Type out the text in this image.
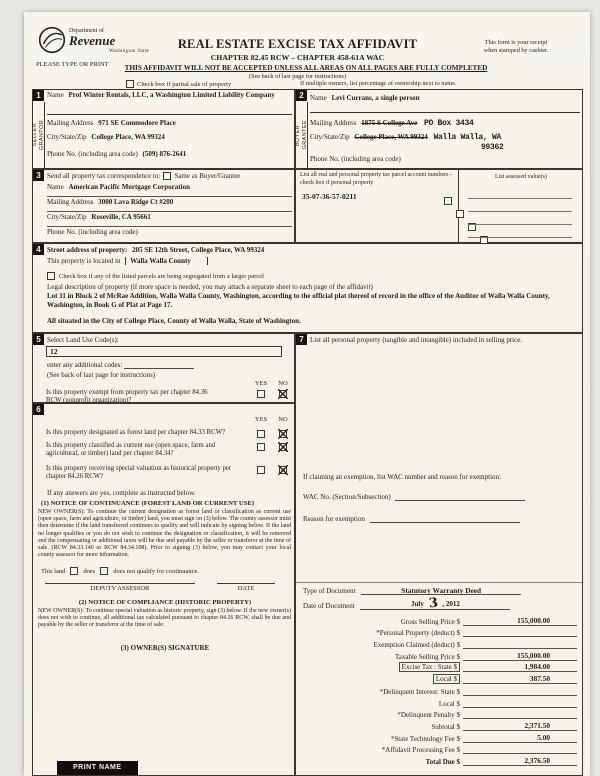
Department of
Revenue
Washington State
PLEASE TYPE OR PRINT
REAL ESTATE EXCISE TAX AFFIDAVIT
CHAPTER 82.45 RCW – CHAPTER 458-61A WAC
This form is your receipt
when stamped by cashier.
THIS AFFIDAVIT WILL NOT BE ACCEPTED UNLESS ALL AREAS ON ALL PAGES ARE FULLY COMPLETED
(See back of last page for instructions)
Check box if partial sale of property	If multiple owners, list percentage of ownership next to name.
1
SELLER GRANTOR
Name Prof Winter Rentals, LLC, a Washington Limited Liability Company
Mailing Address 971 SE Commodore Place
City/State/Zip College Place, WA 99324
Phone No. (including area code) (509) 876-2641
2
BUYER GRANTEE
Name Levi Currans, a single person
Mailing Address 1875 S College Ave PO Box 3434
City/State/Zip College Place, WA 99324 Walla Walla, WA
99362
Phone No. (including area code)
3 Send all property tax correspondence to: Same as Buyer/Grantee
Name American Pacific Mortgage Corporation
Mailing Address 3000 Lava Ridge Ct #200
City/State/Zip Roseville, CA 95661
Phone No. (including area code)
List all real and personal property tax parcel account numbers - check box if personal property
List assessed value(s)
35-07-36-57-0211

4 Street address of property: 205 SE 12th Street, College Place, WA 99324
This property is located in Walla Walla County
Check box if any of the listed parcels are being segregated from a larger parcel
Legal description of property (if more space is needed, you may attach a separate sheet to each page of the affidavit)
Lot 11 in Block 2 of McRae Addition, Walla Walla County, Washington, according to the official plat thereof of record in the office of the Auditor of Walla Walla County, Washington, in Book G of Plat at Page 17.
All situated in the City of College Place, County of Walla Walla, State of Washington.
5 Select Land Use Code(s):
12
enter any additional codes:
(See back of last page for instructions)
YES	NO
Is this property exempt from property tax per chapter 84.36 RCW (nonprofit organization)?
6
YES	NO
Is this property designated as forest land per chapter 84.33 RCW?
Is this property classified as current use (open space, farm and agricultural, or timber) land per chapter 84.34?
Is this property receiving special valuation as historical property per chapter 84.26 RCW?
If any answers are yes, complete as instructed below.
(1) NOTICE OF CONTINUANCE (FOREST LAND OR CURRENT USE)
NEW OWNER(S): To continue the current designation as forest land or classification as current use (open space, farm and agriculture, or timber) land, you must sign on (3) below. The county assessor must then determine if the land transferred continues to qualify and will indicate by signing below. If the land no longer qualifies or you do not wish to continue the designation or classification, it will be removed and the compensating or additional taxes will be due and payable by the seller or transferor at the time of sale. (RCW 84.33.140 or RCW 84.34.108). Prior to signing (3) below, you may contact your local county assessor for more information.
This land	does	does not qualify for continuance.
DEPUTY ASSESSOR	DATE
(2) NOTICE OF COMPLIANCE (HISTORIC PROPERTY)
NEW OWNER(S): To continue special valuation as historic property, sign (3) below. If the new owner(s) does not wish to continue, all additional tax calculated pursuant to chapter 84.26 RCW, shall be due and payable by the seller or transferor at the time of sale.
(3) OWNER(S) SIGNATURE
PRINT NAME
7 List all personal property (tangible and intangible) included in selling price.
If claiming an exemption, list WAC number and reason for exemption:
WAC No. (Section/Subsection)
Reason for exemption
Type of Document	Statutory Warranty Deed
Date of Document	July 3 , 2012
Gross Selling Price $	155,000.00
*Personal Property (deduct) $
Exemption Claimed (deduct) $
Taxable Selling Price $	155,000.00
Excise Tax : State $	1,984.00
Local $	387.50
*Delinquent Interest: State $
Local $
*Delinquent Penalty $
Subtotal $	2,371.50
*State Technology Fee $	5.00
*Affidavit Processing Fee $
Total Due $	2,376.50
